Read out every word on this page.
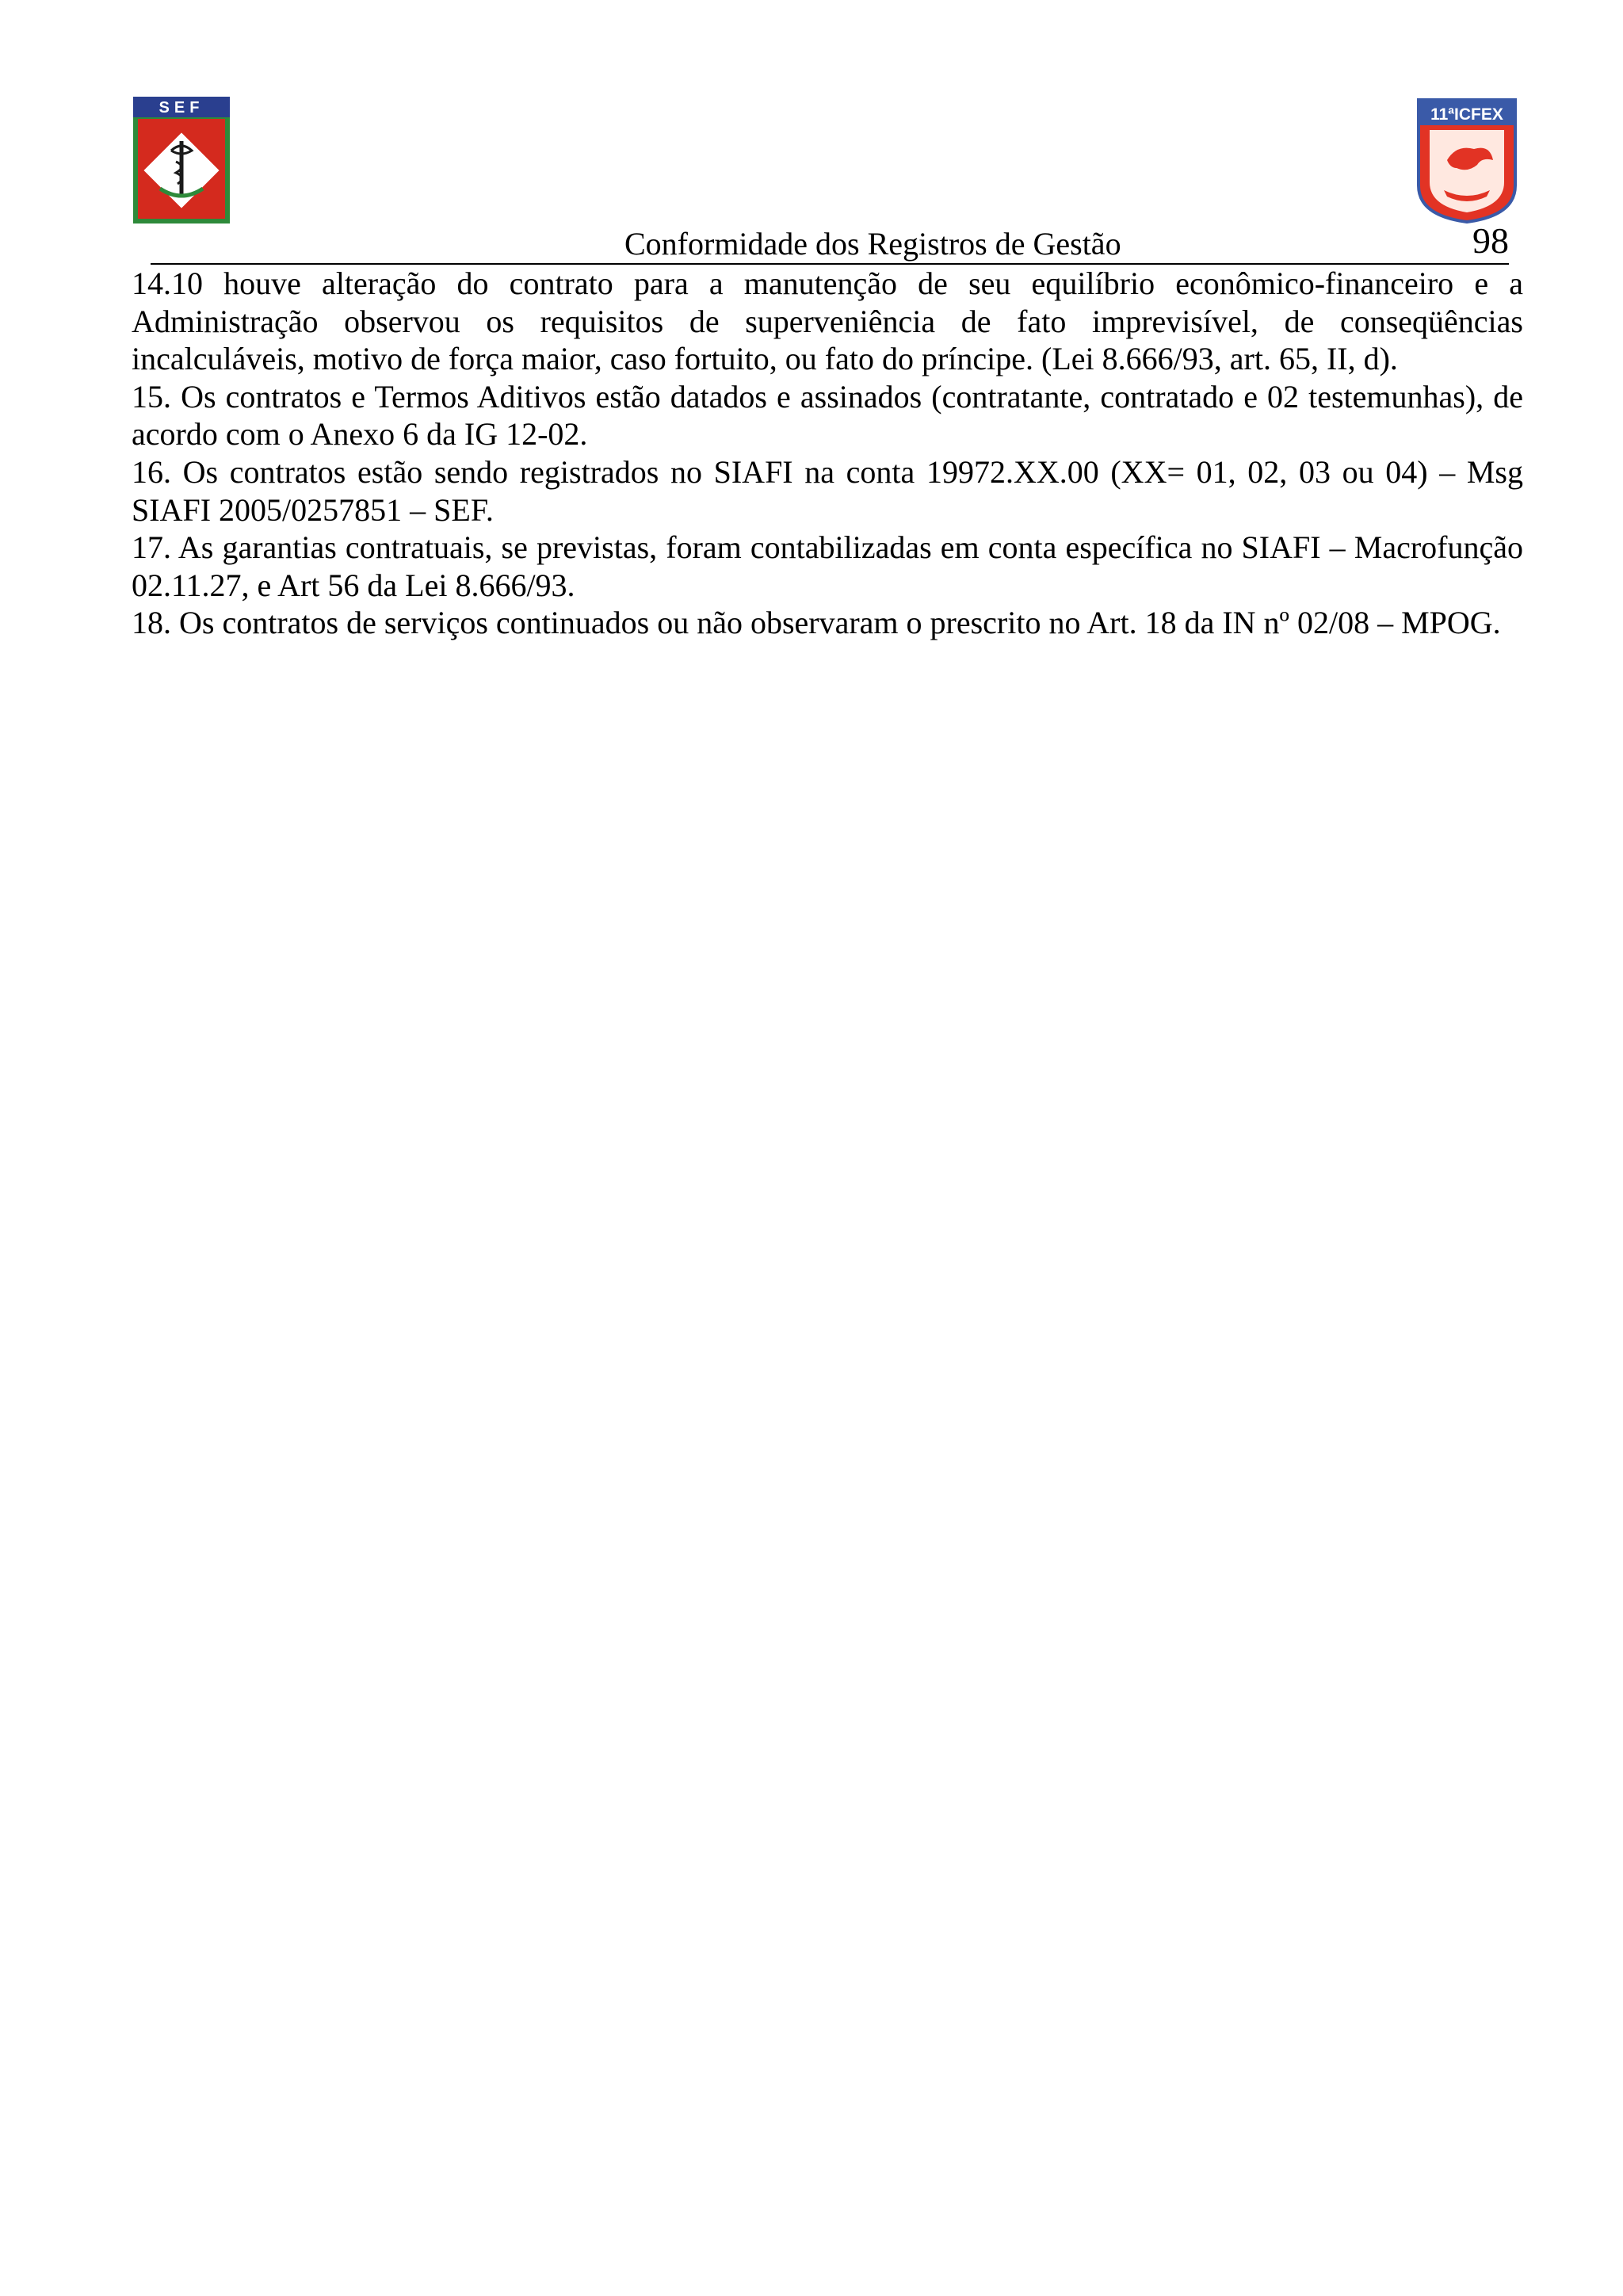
SEF	11ªICFEX
Conformidade dos Registros de Gestão	98

14.10 houve alteração do contrato para a manutenção de seu equilíbrio econômico-financeiro e a Administração observou os requisitos de superveniência de fato imprevisível, de conseqüências incalculáveis, motivo de força maior, caso fortuito, ou fato do príncipe. (Lei 8.666/93, art. 65, II, d).

15. Os contratos e Termos Aditivos estão datados e assinados (contratante, contratado e 02 testemunhas), de acordo com o Anexo 6 da IG 12-02.

16. Os contratos estão sendo registrados no SIAFI na conta 19972.XX.00 (XX= 01, 02, 03 ou 04) – Msg SIAFI 2005/0257851 – SEF.

17. As garantias contratuais, se previstas, foram contabilizadas em conta específica no SIAFI – Macrofunção 02.11.27, e Art 56 da Lei 8.666/93.

18. Os contratos de serviços continuados ou não observaram o prescrito no Art. 18 da IN nº 02/08 – MPOG.
